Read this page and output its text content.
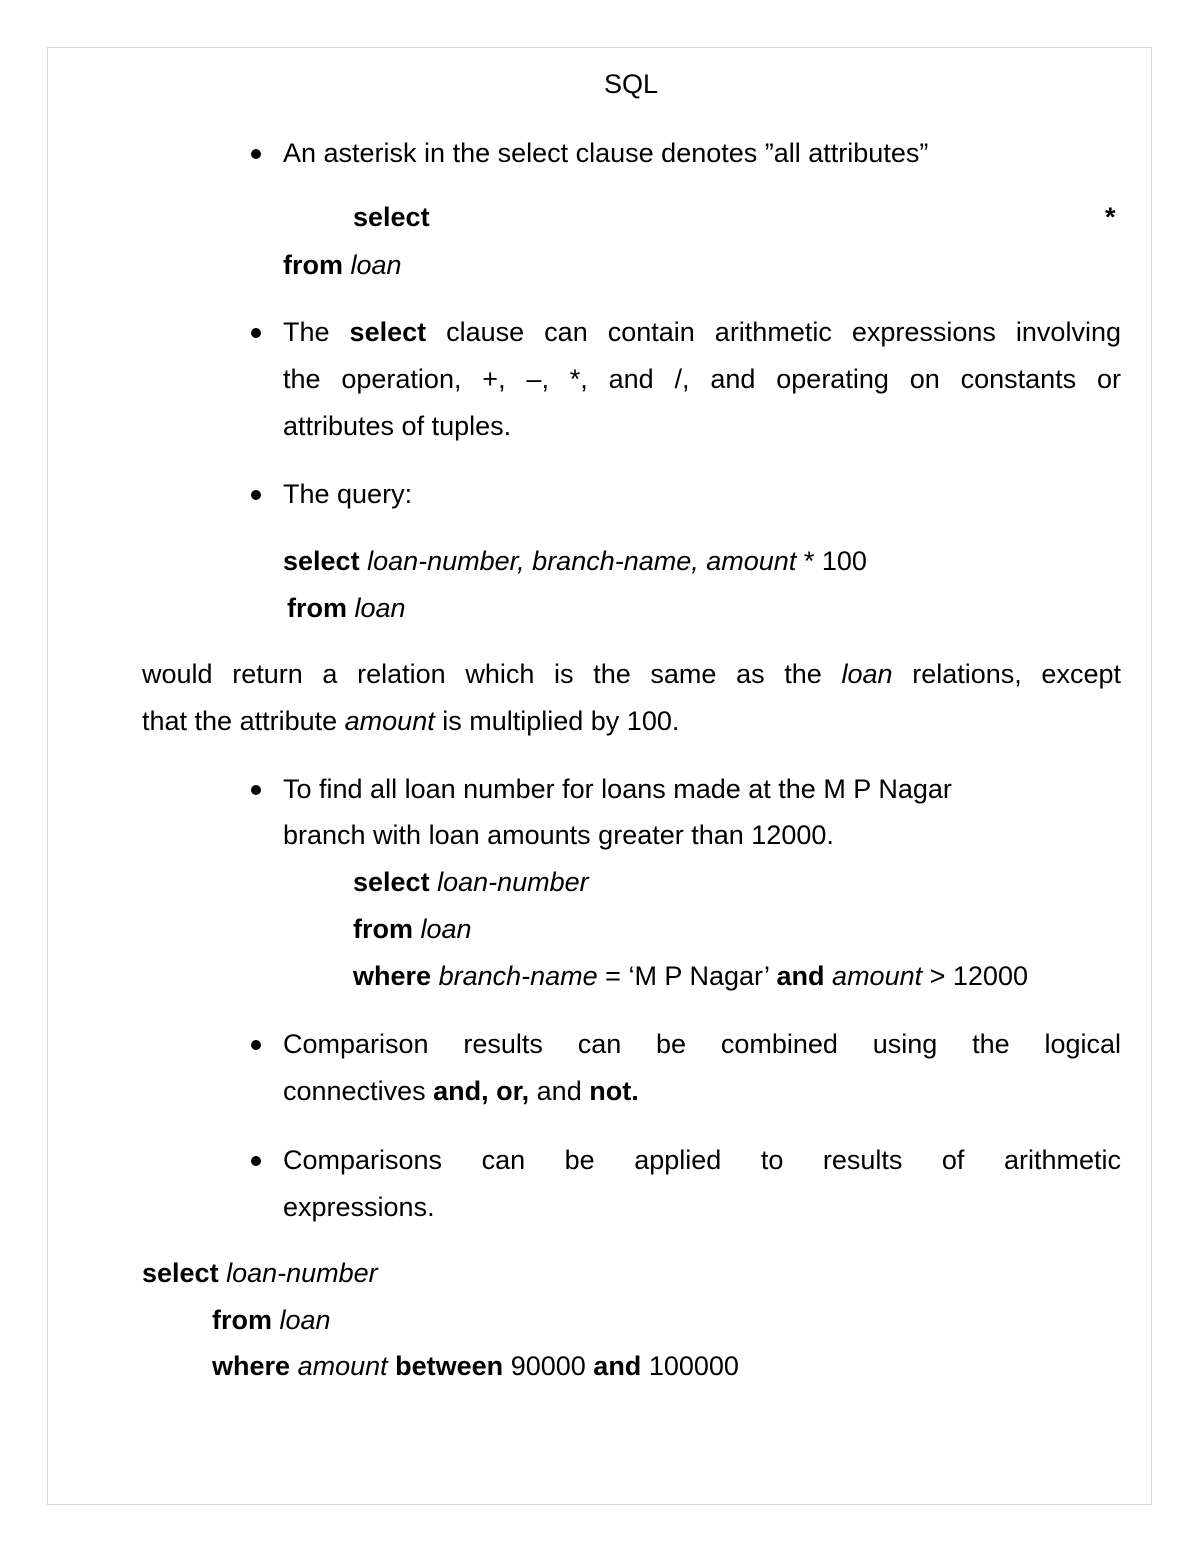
SQL
An asterisk in the select clause denotes ”all attributes”
select	*
from loan
The select clause can contain arithmetic expressions involving
the operation, +, –, *, and /, and operating on constants or
attributes of tuples.
The query:
select loan-number, branch-name, amount * 100
from loan
would return a relation which is the same as the loan relations, except
that the attribute amount is multiplied by 100.
To find all loan number for loans made at the M P Nagar
branch with loan amounts greater than 12000.
select loan-number
from loan
where branch-name = ‘M P Nagar’ and amount > 12000
Comparison results can be combined using the logical
connectives and, or, and not.
Comparisons can be applied to results of arithmetic
expressions.
select loan-number
from loan
where amount between 90000 and 100000
